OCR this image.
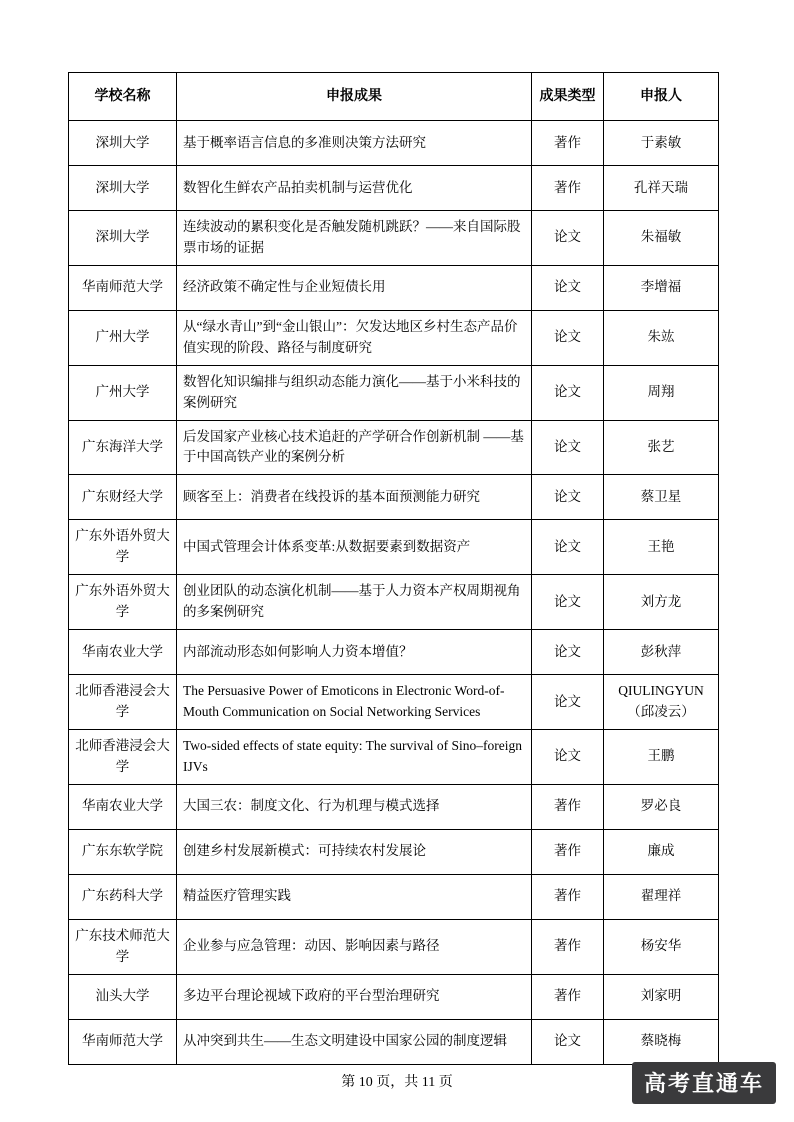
学校名称	申报成果	成果类型	申报人
深圳大学	基于概率语言信息的多准则决策方法研究	著作	于素敏
深圳大学	数智化生鲜农产品拍卖机制与运营优化	著作	孔祥天瑞
深圳大学	连续波动的累积变化是否触发随机跳跃？——来自国际股票市场的证据	论文	朱福敏
华南师范大学	经济政策不确定性与企业短债长用	论文	李增福
广州大学	从“绿水青山”到“金山银山”：欠发达地区乡村生态产品价值实现的阶段、路径与制度研究	论文	朱竑
广州大学	数智化知识编排与组织动态能力演化——基于小米科技的案例研究	论文	周翔
广东海洋大学	后发国家产业核心技术追赶的产学研合作创新机制 ——基于中国高铁产业的案例分析	论文	张艺
广东财经大学	顾客至上：消费者在线投诉的基本面预测能力研究	论文	蔡卫星
广东外语外贸大学	中国式管理会计体系变革:从数据要素到数据资产	论文	王艳
广东外语外贸大学	创业团队的动态演化机制——基于人力资本产权周期视角的多案例研究	论文	刘方龙
华南农业大学	内部流动形态如何影响人力资本增值？	论文	彭秋萍
北师香港浸会大学	The Persuasive Power of Emoticons in Electronic Word-of-Mouth Communication on Social Networking Services	论文	QIULINGYUN（邱凌云）
北师香港浸会大学	Two-sided effects of state equity: The survival of Sino–foreign IJVs	论文	王鹏
华南农业大学	大国三农：制度文化、行为机理与模式选择	著作	罗必良
广东东软学院	创建乡村发展新模式：可持续农村发展论	著作	廉成
广东药科大学	精益医疗管理实践	著作	翟理祥
广东技术师范大学	企业参与应急管理：动因、影响因素与路径	著作	杨安华
汕头大学	多边平台理论视域下政府的平台型治理研究	著作	刘家明
华南师范大学	从冲突到共生——生态文明建设中国家公园的制度逻辑	论文	蔡晓梅
第 10 页，共 11 页	高考直通车
